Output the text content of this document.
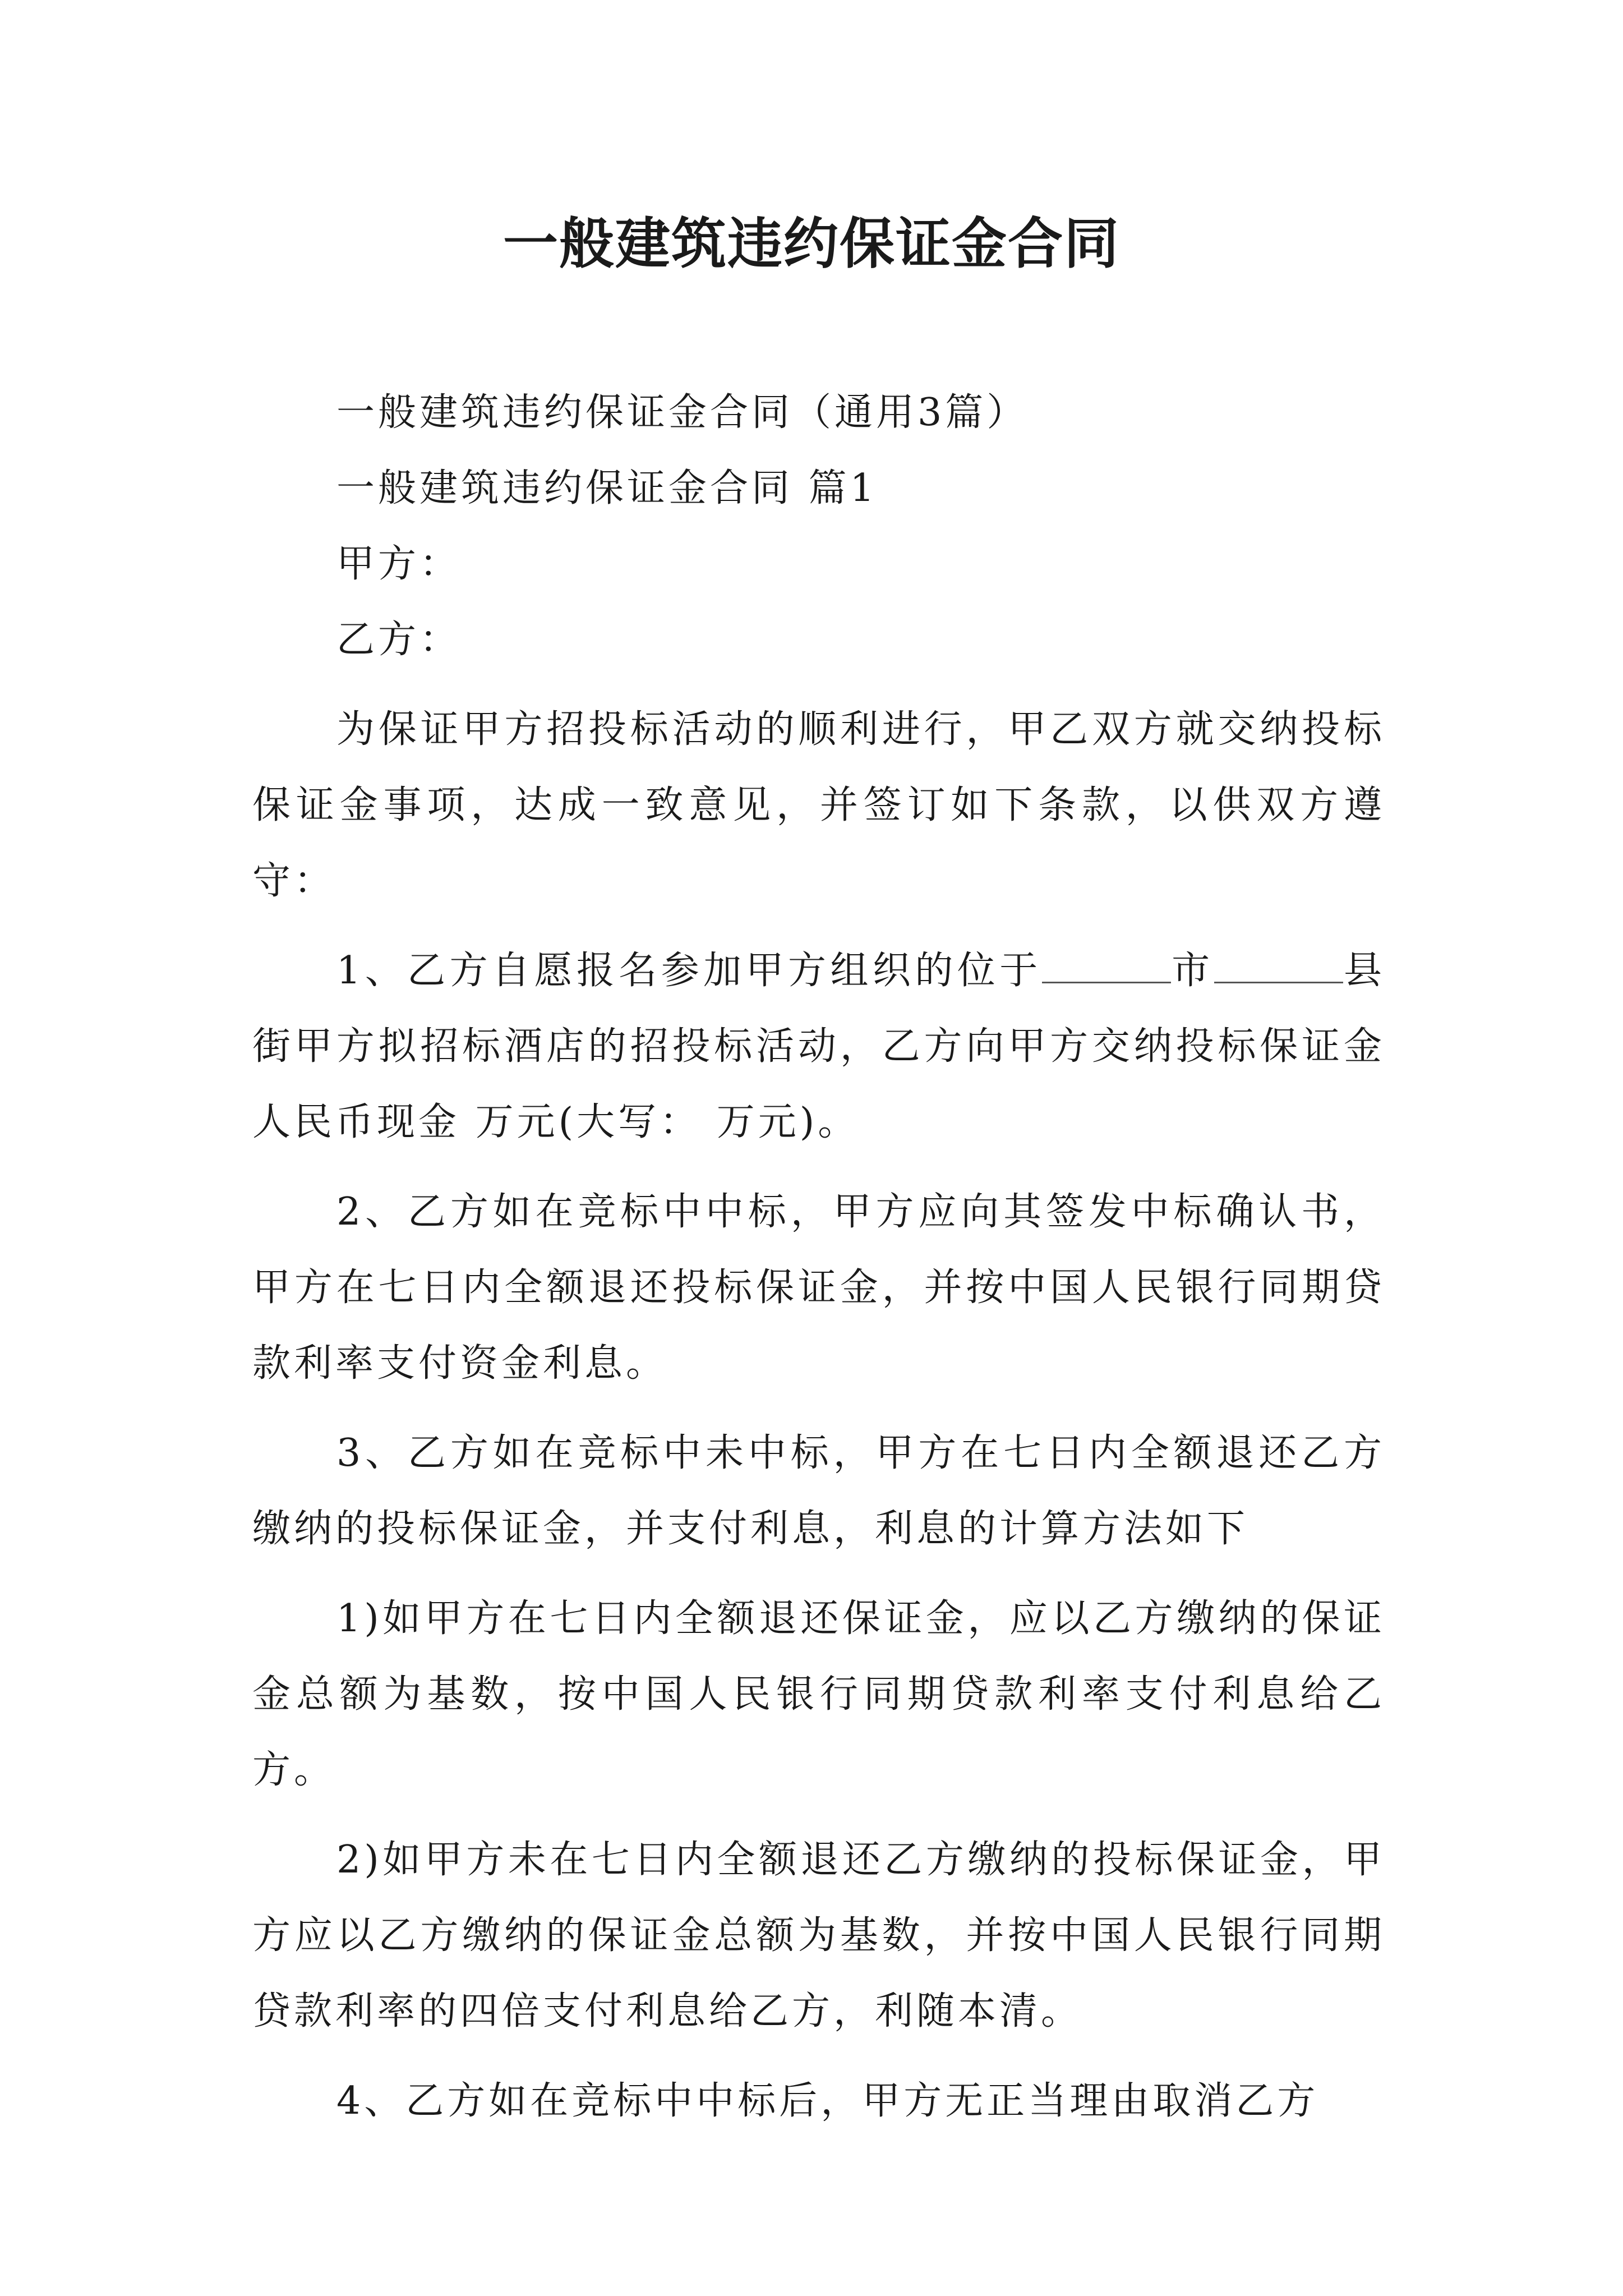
一般建筑违约保证金合同

一般建筑违约保证金合同（通用3篇）

一般建筑违约保证金合同 篇1

甲方：

乙方：

为保证甲方招投标活动的顺利进行，甲乙双方就交纳投标保证金事项，达成一致意见，并签订如下条款，以供双方遵守：

1、乙方自愿报名参加甲方组织的位于	市	县 街甲方拟招标酒店的招投标活动，乙方向甲方交纳投标保证金人民币现金 万元(大写： 万元)。

2、乙方如在竞标中中标，甲方应向其签发中标确认书，甲方在七日内全额退还投标保证金，并按中国人民银行同期贷款利率支付资金利息。

3、乙方如在竞标中未中标，甲方在七日内全额退还乙方缴纳的投标保证金，并支付利息，利息的计算方法如下

1)如甲方在七日内全额退还保证金，应以乙方缴纳的保证金总额为基数，按中国人民银行同期贷款利率支付利息给乙方。

2)如甲方未在七日内全额退还乙方缴纳的投标保证金，甲方应以乙方缴纳的保证金总额为基数，并按中国人民银行同期贷款利率的四倍支付利息给乙方，利随本清。

4、乙方如在竞标中中标后，甲方无正当理由取消乙方
